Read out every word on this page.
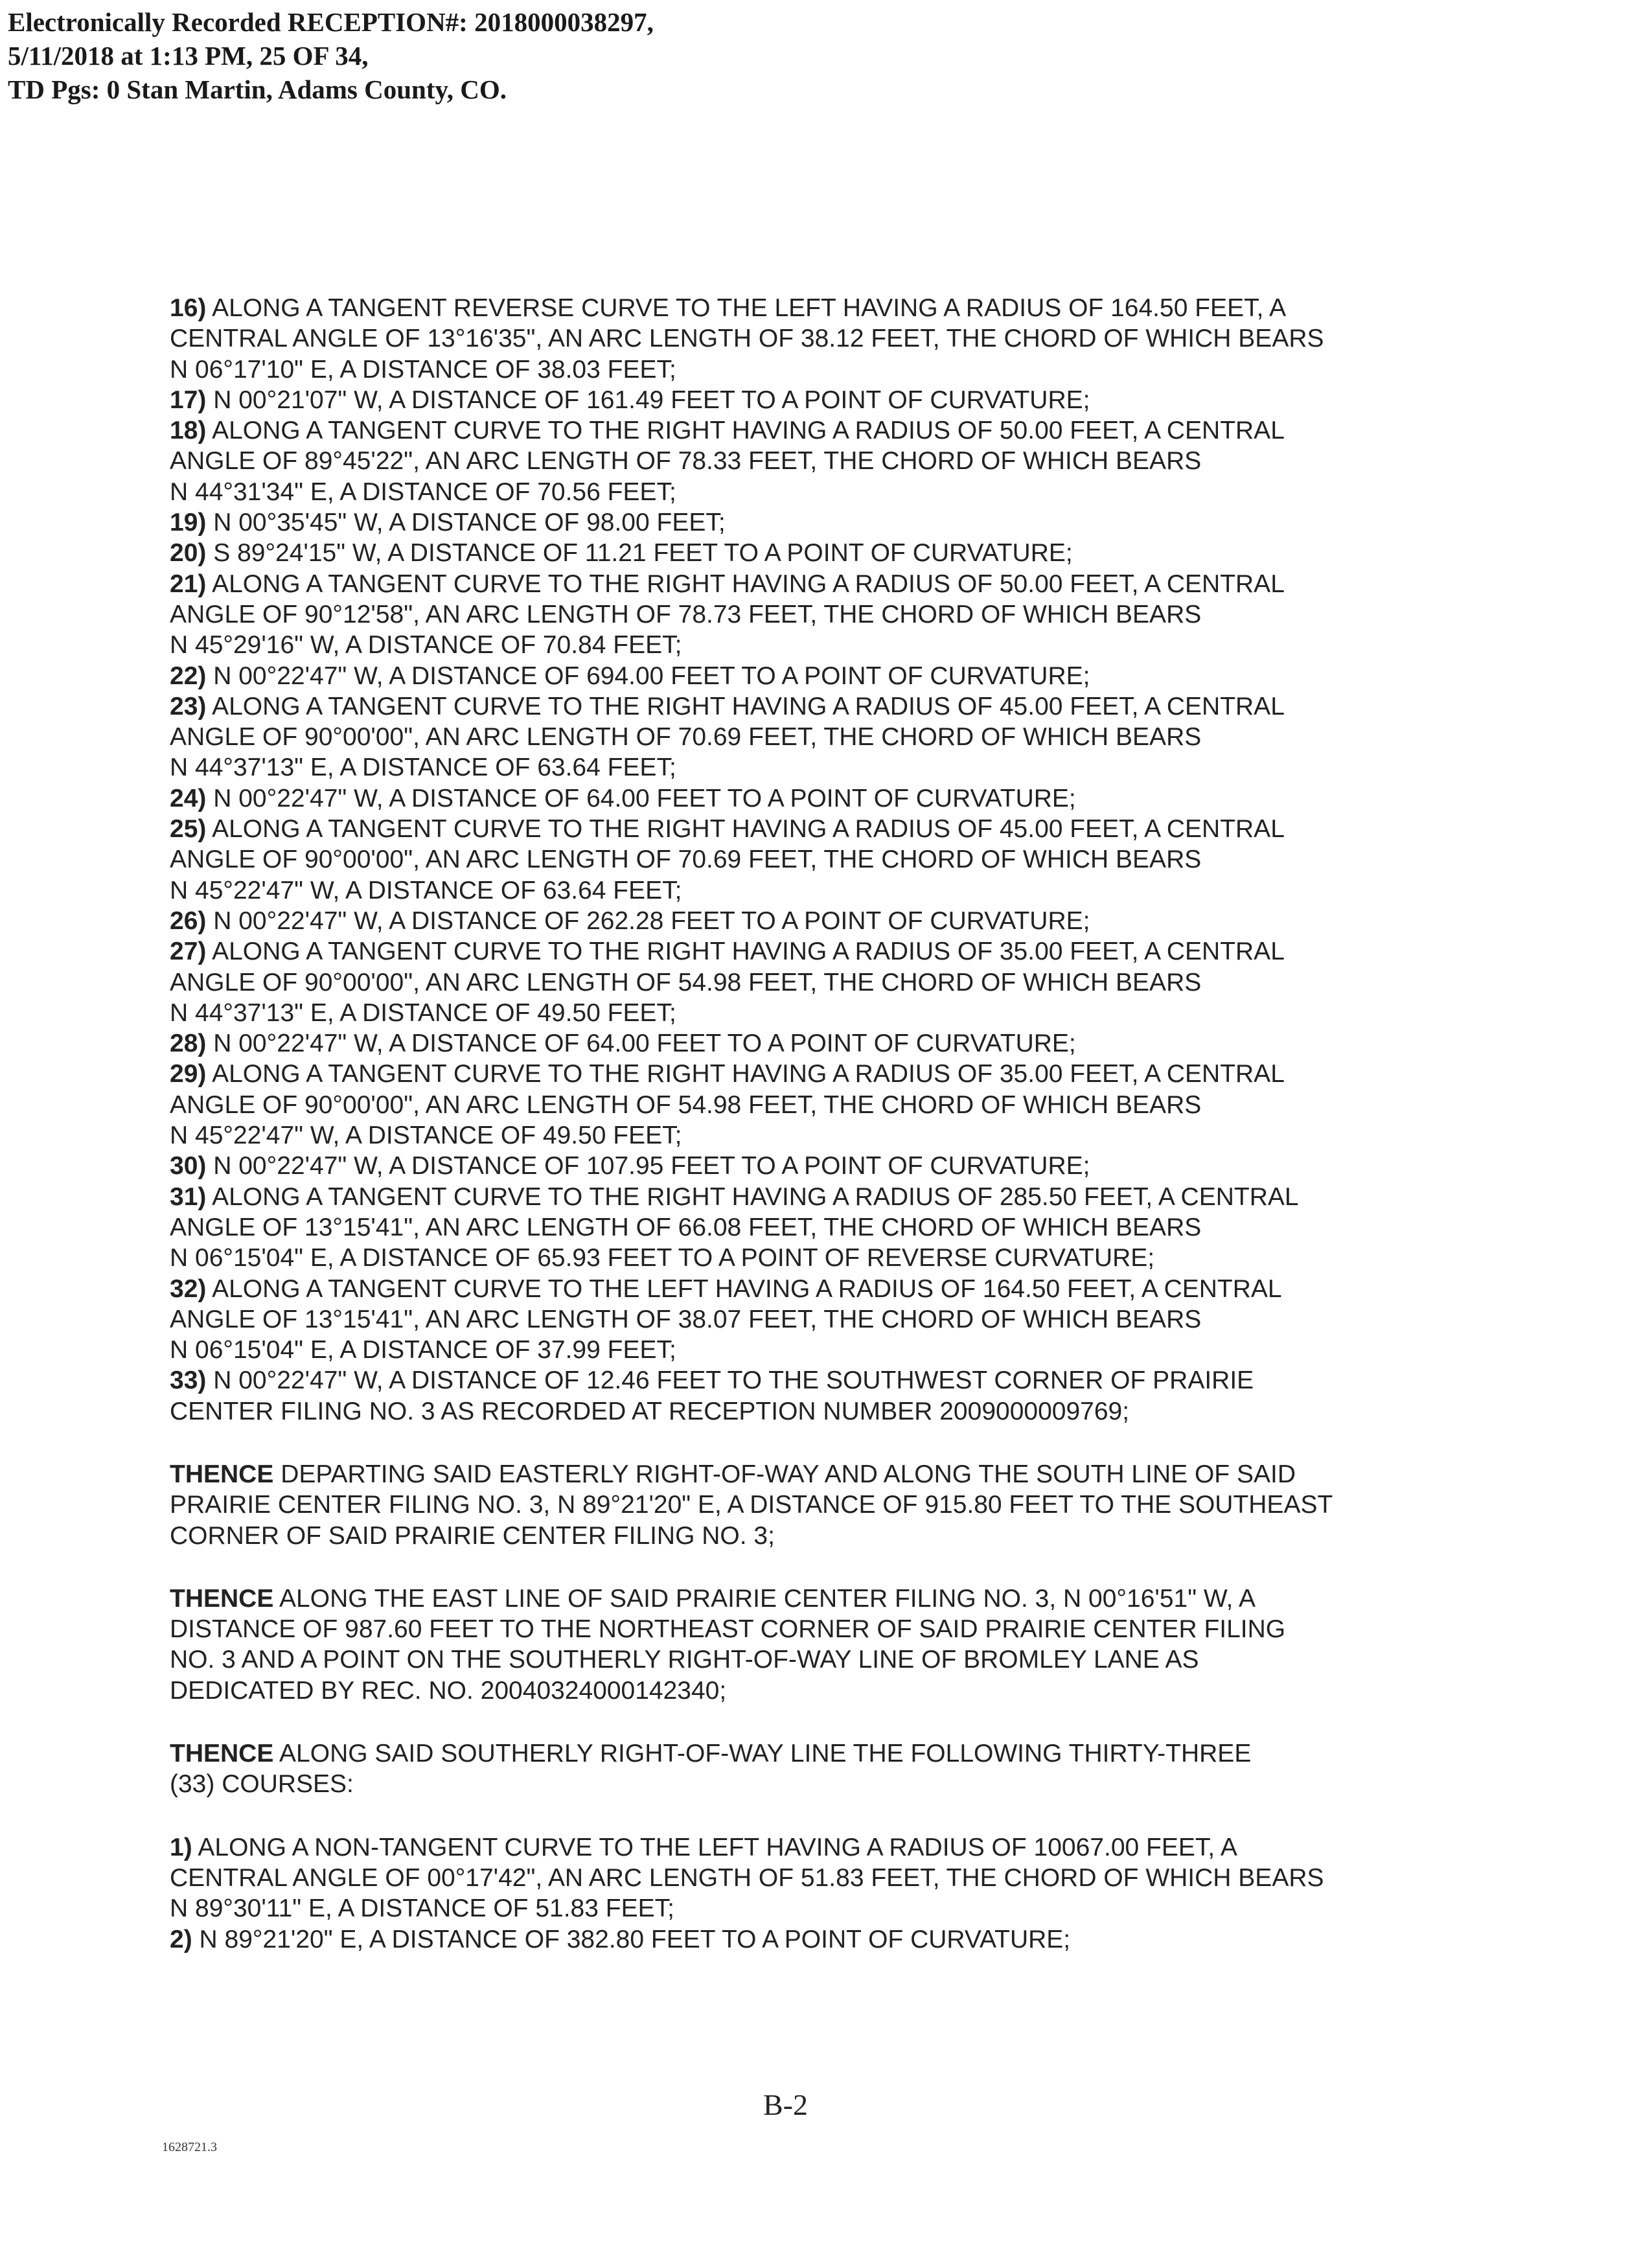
Electronically Recorded RECEPTION#: 2018000038297,
5/11/2018 at 1:13 PM, 25 OF 34,
TD Pgs: 0 Stan Martin, Adams County, CO.
16) ALONG A TANGENT REVERSE CURVE TO THE LEFT HAVING A RADIUS OF 164.50 FEET, A
CENTRAL ANGLE OF 13°16'35", AN ARC LENGTH OF 38.12 FEET, THE CHORD OF WHICH BEARS
N 06°17'10" E, A DISTANCE OF 38.03 FEET;
17) N 00°21'07" W, A DISTANCE OF 161.49 FEET TO A POINT OF CURVATURE;
18) ALONG A TANGENT CURVE TO THE RIGHT HAVING A RADIUS OF 50.00 FEET, A CENTRAL
ANGLE OF 89°45'22", AN ARC LENGTH OF 78.33 FEET, THE CHORD OF WHICH BEARS
N 44°31'34" E, A DISTANCE OF 70.56 FEET;
19) N 00°35'45" W, A DISTANCE OF 98.00 FEET;
20) S 89°24'15" W, A DISTANCE OF 11.21 FEET TO A POINT OF CURVATURE;
21) ALONG A TANGENT CURVE TO THE RIGHT HAVING A RADIUS OF 50.00 FEET, A CENTRAL
ANGLE OF 90°12'58", AN ARC LENGTH OF 78.73 FEET, THE CHORD OF WHICH BEARS
N 45°29'16" W, A DISTANCE OF 70.84 FEET;
22) N 00°22'47" W, A DISTANCE OF 694.00 FEET TO A POINT OF CURVATURE;
23) ALONG A TANGENT CURVE TO THE RIGHT HAVING A RADIUS OF 45.00 FEET, A CENTRAL
ANGLE OF 90°00'00", AN ARC LENGTH OF 70.69 FEET, THE CHORD OF WHICH BEARS
N 44°37'13" E, A DISTANCE OF 63.64 FEET;
24) N 00°22'47" W, A DISTANCE OF 64.00 FEET TO A POINT OF CURVATURE;
25) ALONG A TANGENT CURVE TO THE RIGHT HAVING A RADIUS OF 45.00 FEET, A CENTRAL
ANGLE OF 90°00'00", AN ARC LENGTH OF 70.69 FEET, THE CHORD OF WHICH BEARS
N 45°22'47" W, A DISTANCE OF 63.64 FEET;
26) N 00°22'47" W, A DISTANCE OF 262.28 FEET TO A POINT OF CURVATURE;
27) ALONG A TANGENT CURVE TO THE RIGHT HAVING A RADIUS OF 35.00 FEET, A CENTRAL
ANGLE OF 90°00'00", AN ARC LENGTH OF 54.98 FEET, THE CHORD OF WHICH BEARS
N 44°37'13" E, A DISTANCE OF 49.50 FEET;
28) N 00°22'47" W, A DISTANCE OF 64.00 FEET TO A POINT OF CURVATURE;
29) ALONG A TANGENT CURVE TO THE RIGHT HAVING A RADIUS OF 35.00 FEET, A CENTRAL
ANGLE OF 90°00'00", AN ARC LENGTH OF 54.98 FEET, THE CHORD OF WHICH BEARS
N 45°22'47" W, A DISTANCE OF 49.50 FEET;
30) N 00°22'47" W, A DISTANCE OF 107.95 FEET TO A POINT OF CURVATURE;
31) ALONG A TANGENT CURVE TO THE RIGHT HAVING A RADIUS OF 285.50 FEET, A CENTRAL
ANGLE OF 13°15'41", AN ARC LENGTH OF 66.08 FEET, THE CHORD OF WHICH BEARS
N 06°15'04" E, A DISTANCE OF 65.93 FEET TO A POINT OF REVERSE CURVATURE;
32) ALONG A TANGENT CURVE TO THE LEFT HAVING A RADIUS OF 164.50 FEET, A CENTRAL
ANGLE OF 13°15'41", AN ARC LENGTH OF 38.07 FEET, THE CHORD OF WHICH BEARS
N 06°15'04" E, A DISTANCE OF 37.99 FEET;
33) N 00°22'47" W, A DISTANCE OF 12.46 FEET TO THE SOUTHWEST CORNER OF PRAIRIE
CENTER FILING NO. 3 AS RECORDED AT RECEPTION NUMBER 2009000009769;
THENCE DEPARTING SAID EASTERLY RIGHT-OF-WAY AND ALONG THE SOUTH LINE OF SAID
PRAIRIE CENTER FILING NO. 3, N 89°21'20" E, A DISTANCE OF 915.80 FEET TO THE SOUTHEAST
CORNER OF SAID PRAIRIE CENTER FILING NO. 3;
THENCE ALONG THE EAST LINE OF SAID PRAIRIE CENTER FILING NO. 3, N 00°16'51" W, A
DISTANCE OF 987.60 FEET TO THE NORTHEAST CORNER OF SAID PRAIRIE CENTER FILING
NO. 3 AND A POINT ON THE SOUTHERLY RIGHT-OF-WAY LINE OF BROMLEY LANE AS
DEDICATED BY REC. NO. 20040324000142340;
THENCE ALONG SAID SOUTHERLY RIGHT-OF-WAY LINE THE FOLLOWING THIRTY-THREE
(33) COURSES:
1) ALONG A NON-TANGENT CURVE TO THE LEFT HAVING A RADIUS OF 10067.00 FEET, A
CENTRAL ANGLE OF 00°17'42", AN ARC LENGTH OF 51.83 FEET, THE CHORD OF WHICH BEARS
N 89°30'11" E, A DISTANCE OF 51.83 FEET;
2) N 89°21'20" E, A DISTANCE OF 382.80 FEET TO A POINT OF CURVATURE;
B-2
1628721.3
